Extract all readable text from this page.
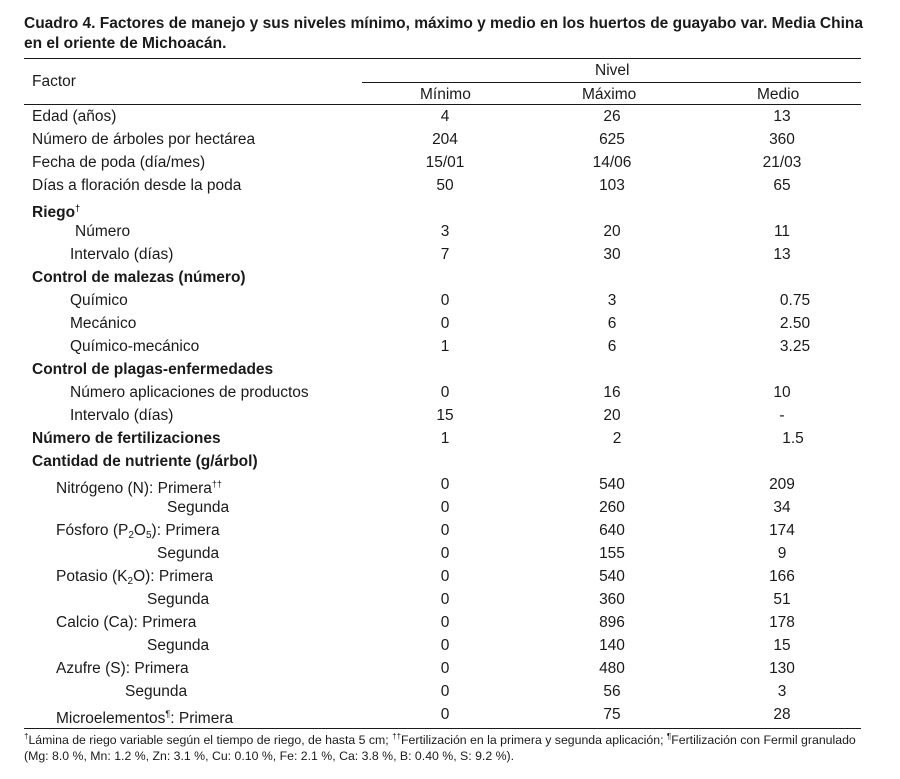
Cuadro 4. Factores de manejo y sus niveles mínimo, máximo y medio en los huertos de guayabo var. Media China en el oriente de Michoacán.
Factor
Nivel
Mínimo	Máximo	Medio
Edad (años)	4	26	13
Número de árboles por hectárea	204	625	360
Fecha de poda (día/mes)	15/01	14/06	21/03
Días a floración desde la poda	50	103	65
Riego†
Número	3	20	11
Intervalo (días)	7	30	13
Control de malezas (número)
Químico	0	3	0.75
Mecánico	0	6	2.50
Químico-mecánico	1	6	3.25
Control de plagas-enfermedades
Número aplicaciones de productos	0	16	10
Intervalo (días)	15	20	-
Número de fertilizaciones	1	2	1.5
Cantidad de nutriente (g/árbol)
Nitrógeno (N): Primera††	0	540	209
Segunda	0	260	34
Fósforo $(P_2O_5)$: Primera	0	640	174
Segunda	0	155	9
Potasio $(K_2O)$: Primera	0	540	166
Segunda	0	360	51
Calcio (Ca): Primera	0	896	178
Segunda	0	140	15
Azufre (S): Primera	0	480	130
Segunda	0	56	3
Microelementos¶: Primera	0	75	28
†Lámina de riego variable según el tiempo de riego, de hasta 5 cm; ††Fertilización en la primera y segunda aplicación; ¶Fertilización con Fermil granulado (Mg: 8.0 %, Mn: 1.2 %, Zn: 3.1 %, Cu: 0.10 %, Fe: 2.1 %, Ca: 3.8 %, B: 0.40 %, S: 9.2 %).
